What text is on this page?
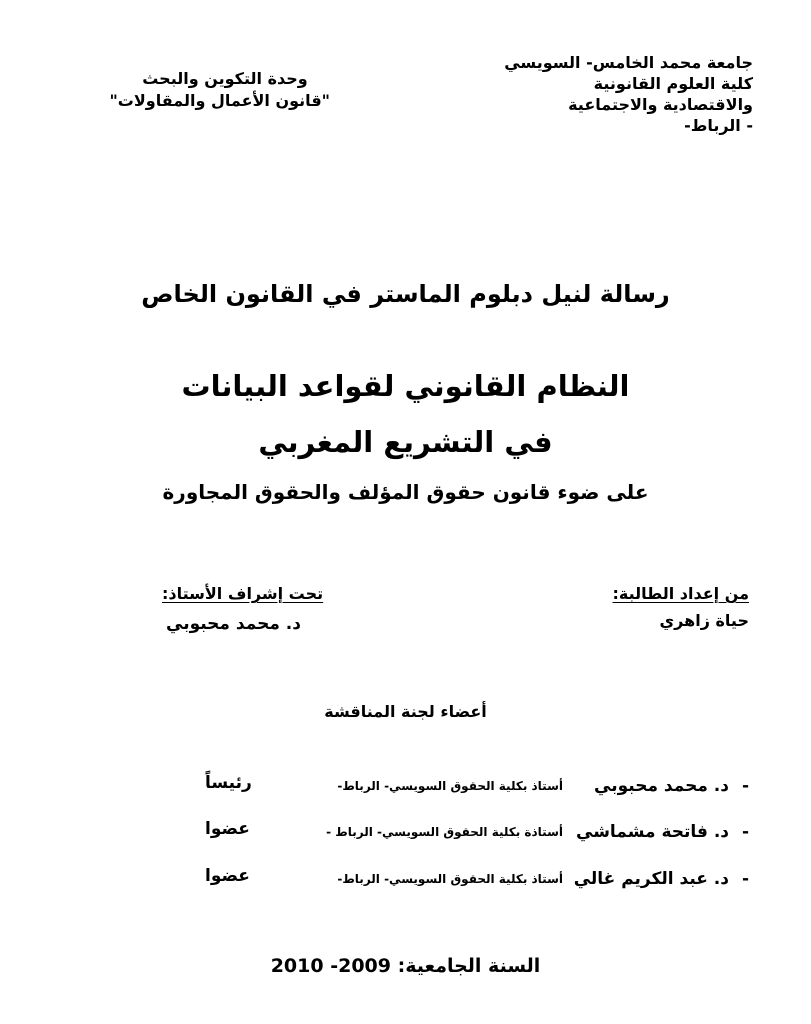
جامعة محمد الخامس- السويسي
كلية العلوم القانونية
والاقتصادية والاجتماعية
- الرباط-
وحدة التكوين والبحث
"قانون الأعمال والمقاولات"
رسالة لنيل دبلوم الماستر في القانون الخاص
النظام القانوني لقواعد البيانات
في التشريع المغربي
على ضوء قانون حقوق المؤلف والحقوق المجاورة
من إعداد الطالبة:
حياة زاهري
تحت إشراف الأستاذ:
د. محمد محبوبي
أعضاء لجنة المناقشة
-
د. محمد محبوبي
أستاذ بكلية الحقوق السويسي- الرباط-
رئيساً
-
د. فاتحة مشماشي
أستاذة بكلية الحقوق السويسي- الرباط -
عضوا
-
د. عبد الكريم غالي
أستاذ بكلية الحقوق السويسي- الرباط-
عضوا
السنة الجامعية: 2009- 2010
